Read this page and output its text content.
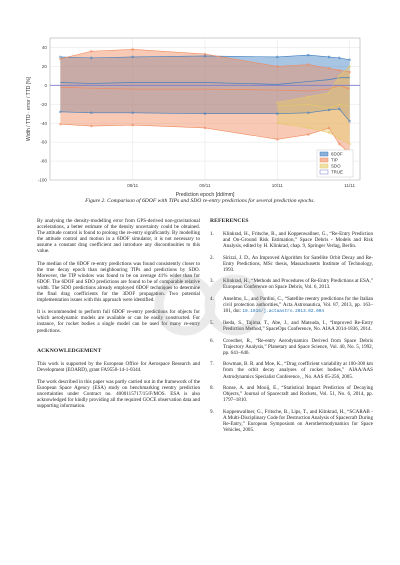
-100
-80
-60
-40
-20
0
20
40
08/11	09/11	10/11	11/11
Width / TTD · error / TTD [%]
Prediction epoch [dd/mm]
6DOF
TIP
SDO
TRUE
Figure 2. Comparison of 6DOF with TIPs and SDO re-entry predictions for several prediction epochs.

By analysing the density-modelling error from GPS-derived non-gravitational accelerations, a better estimate of the density uncertainty could be obtained. The attitude control is found to prolong the re-entry significantly. By modelling the attitude control and motion in a 6DOF simulator, it is not necessary to assume a constant drag coefficient and introduce any discontinuities to this value.

The median of the 6DOF re-entry predictions was found consistently closer to the true decay epoch than neighbouring TIPs and predictions by SDO. Moreover, the TIP window was found to be on average 41% wider than for 6DOF. The 6DOF and SDO predictions are found to be of comparable relative width. The SDO predictions already employed 6DOF techniques to determine the final drag coefficients for the 3DOF propagation. Two potential implementation issues with this approach were identified.

It is recommended to perform full 6DOF re-entry predictions for objects for which aerodynamic models are available or can be easily constructed. For instance, for rocket bodies a single model can be used for many re-entry predictions.

ACKNOWLEDGEMENT

This work is supported by the European Office for Aerospace Research and Development (EOARD), grant FA9550-14-1-0344.

The work described in this paper was partly carried out in the framework of the European Space Agency (ESA) study on benchmarking reentry prediction uncertainties under Contract no. 4000115717/15/F/MOS. ESA is also acknowledged for kindly providing all the required GOCE observation data and supporting information.

REFERENCES
1. Klinkrad, H., Fritsche, B., and Koppenwallner, G., “Re-Entry Prediction and On-Ground Risk Estimation,” Space Debris - Models and Risk Analysis, edited by H. Klinkrad, chap. 9, Springer Verlag, Berlin.
2. Sirizzi, J. D., An Improved Algorithm for Satellite Orbit Decay and Re-Entry Predictions, MSc thesis, Massachusetts Institute of Technology, 1993.
3. Klinkrad, H., “Methods and Procedures of Re-Entry Predictions at ESA,” European Conference on Space Debris, Vol. 6, 2013.
4. Anselmo, L., and Pardini, C., “Satellite reentry predictions for the Italian civil protection authorities,” Acta Astronautica, Vol. 87, 2013, pp. 163–181, doi: 10.1016/j.actaastro.2013.02.004
5. Ikeda, S., Tajima, T., Abe, J., and Matsuda, I., “Improved Re-Entry Prediction Method,” SpaceOps Conference, No. AIAA 2014-1836, 2014.
6. Crowther, R., “Re-entry Aerodynamics Derived from Space Debris Trajectory Analysis,” Planetary and Space Science, Vol. 40, No. 5, 1992, pp. 641–646.
7. Bowman, B. R. and Moe, K., “Drag coefficient variability at 100-300 km from the orbit decay analyses of rocket bodies,” AIAA/AAS Astrodynamics Specialist Conference, , No. AAS 05-256, 2005.
8. Ronse, A. and Mooij, E., “Statistical Impact Prediction of Decaying Objects,” Journal of Spacecraft and Rockets, Vol. 51, No. 6, 2014, pp. 1797–1810.
9. Koppenwallner, G., Fritsche, B., Lips, T., and Klinkrad, H., “SCARAB - A Multi-Disciplinary Code for Destruction Analysis of Spacecraft During Re-Entry,” European Symposium on Aerothermodynamics for Space Vehicles, 2005.
